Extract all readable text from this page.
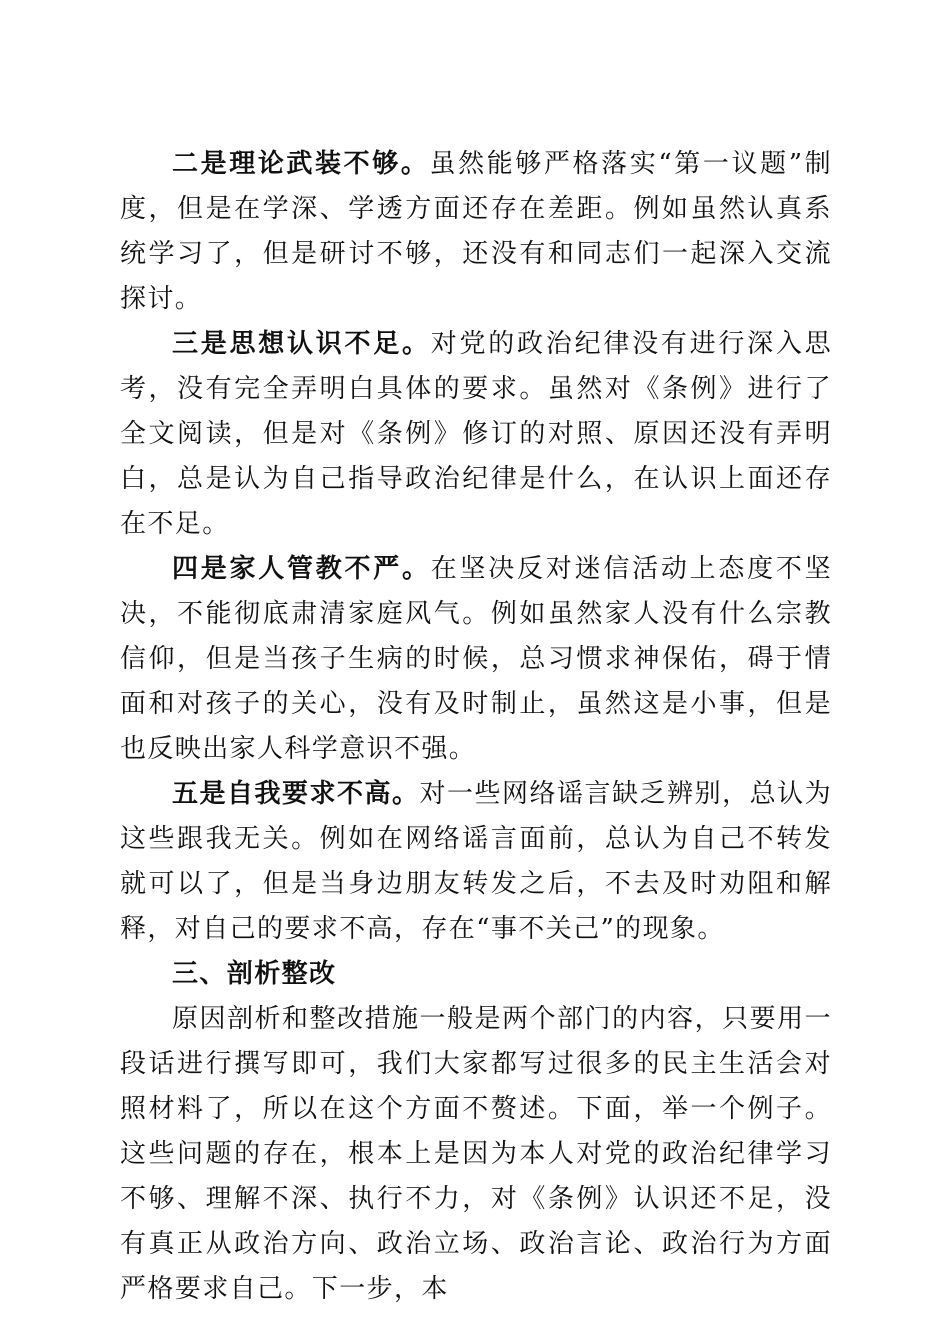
二是理论武装不够。虽然能够严格落实“第一议题”制度，但是在学深、学透方面还存在差距。例如虽然认真系统学习了，但是研讨不够，还没有和同志们一起深入交流探讨。

三是思想认识不足。对党的政治纪律没有进行深入思考，没有完全弄明白具体的要求。虽然对《条例》进行了全文阅读，但是对《条例》修订的对照、原因还没有弄明白，总是认为自己指导政治纪律是什么，在认识上面还存在不足。

四是家人管教不严。在坚决反对迷信活动上态度不坚决，不能彻底肃清家庭风气。例如虽然家人没有什么宗教信仰，但是当孩子生病的时候，总习惯求神保佑，碍于情面和对孩子的关心，没有及时制止，虽然这是小事，但是也反映出家人科学意识不强。

五是自我要求不高。对一些网络谣言缺乏辨别，总认为这些跟我无关。例如在网络谣言面前，总认为自己不转发就可以了，但是当身边朋友转发之后，不去及时劝阻和解释，对自己的要求不高，存在“事不关己”的现象。

三、剖析整改

原因剖析和整改措施一般是两个部门的内容，只要用一段话进行撰写即可，我们大家都写过很多的民主生活会对照材料了，所以在这个方面不赘述。下面，举一个例子。这些问题的存在，根本上是因为本人对党的政治纪律学习不够、理解不深、执行不力，对《条例》认识还不足，没有真正从政治方向、政治立场、政治言论、政治行为方面严格要求自己。下一步，本
